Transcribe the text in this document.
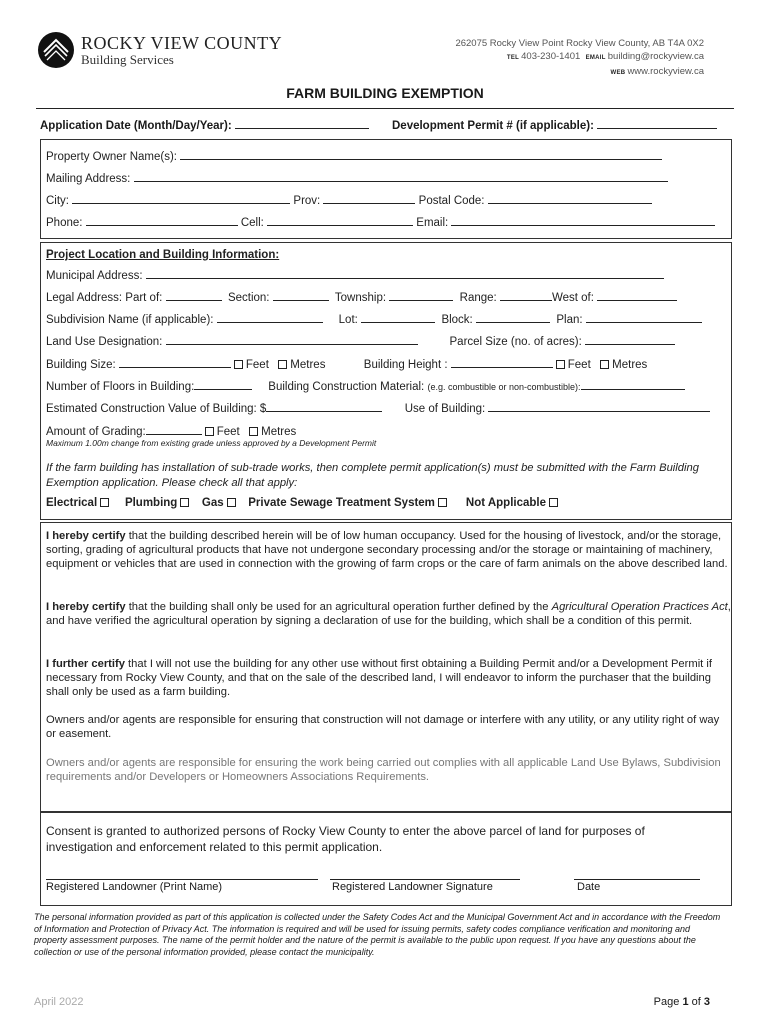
ROCKY VIEW COUNTY
Building Services
262075 Rocky View Point Rocky View County, AB T4A 0X2
TEL 403-230-1401 EMAIL building@rockyview.ca
WEB www.rockyview.ca
FARM BUILDING EXEMPTION
Application Date (Month/Day/Year):	Development Permit # (if applicable):
Property Owner Name(s):
Mailing Address:
City:	Prov:	Postal Code:
Phone:	Cell:	Email:
Project Location and Building Information:
Municipal Address:
Legal Address: Part of:	Section:	Township:	Range:	West of:
Subdivision Name (if applicable):	Lot:	Block:	Plan:
Land Use Designation:	Parcel Size (no. of acres):
Building Size:	Feet Metres	Building Height :	Feet Metres
Number of Floors in Building:	Building Construction Material: (e.g. combustible or non-combustible):
Estimated Construction Value of Building: $	Use of Building:
Amount of Grading:	Feet Metres
Maximum 1.00m change from existing grade unless approved by a Development Permit
If the farm building has installation of sub-trade works, then complete permit application(s) must be submitted with the Farm Building Exemption application. Please check all that apply:
Electrical Plumbing Gas Private Sewage Treatment System	Not Applicable
I hereby certify that the building described herein will be of low human occupancy. Used for the housing of livestock, and/or the storage, sorting, grading of agricultural products that have not undergone secondary processing and/or the storage or maintaining of machinery, equipment or vehicles that are used in connection with the growing of farm crops or the care of farm animals on the above described land.
I hereby certify that the building shall only be used for an agricultural operation further defined by the Agricultural Operation Practices Act, and have verified the agricultural operation by signing a declaration of use for the building, which shall be a condition of this permit.
I further certify that I will not use the building for any other use without first obtaining a Building Permit and/or a Development Permit if necessary from Rocky View County, and that on the sale of the described land, I will endeavor to inform the purchaser that the building shall only be used as a farm building.
Owners and/or agents are responsible for ensuring that construction will not damage or interfere with any utility, or any utility right of way or easement.
Owners and/or agents are responsible for ensuring the work being carried out complies with all applicable Land Use Bylaws, Subdivision requirements and/or Developers or Homeowners Associations Requirements.
Consent is granted to authorized persons of Rocky View County to enter the above parcel of land for purposes of investigation and enforcement related to this permit application.
Registered Landowner (Print Name)	Registered Landowner Signature	Date
The personal information provided as part of this application is collected under the Safety Codes Act and the Municipal Government Act and in accordance with the Freedom of Information and Protection of Privacy Act. The information is required and will be used for issuing permits, safety codes compliance verification and monitoring and property assessment purposes. The name of the permit holder and the nature of the permit is available to the public upon request. If you have any questions about the collection or use of the personal information provided, please contact the municipality.
April 2022	Page 1 of 3
